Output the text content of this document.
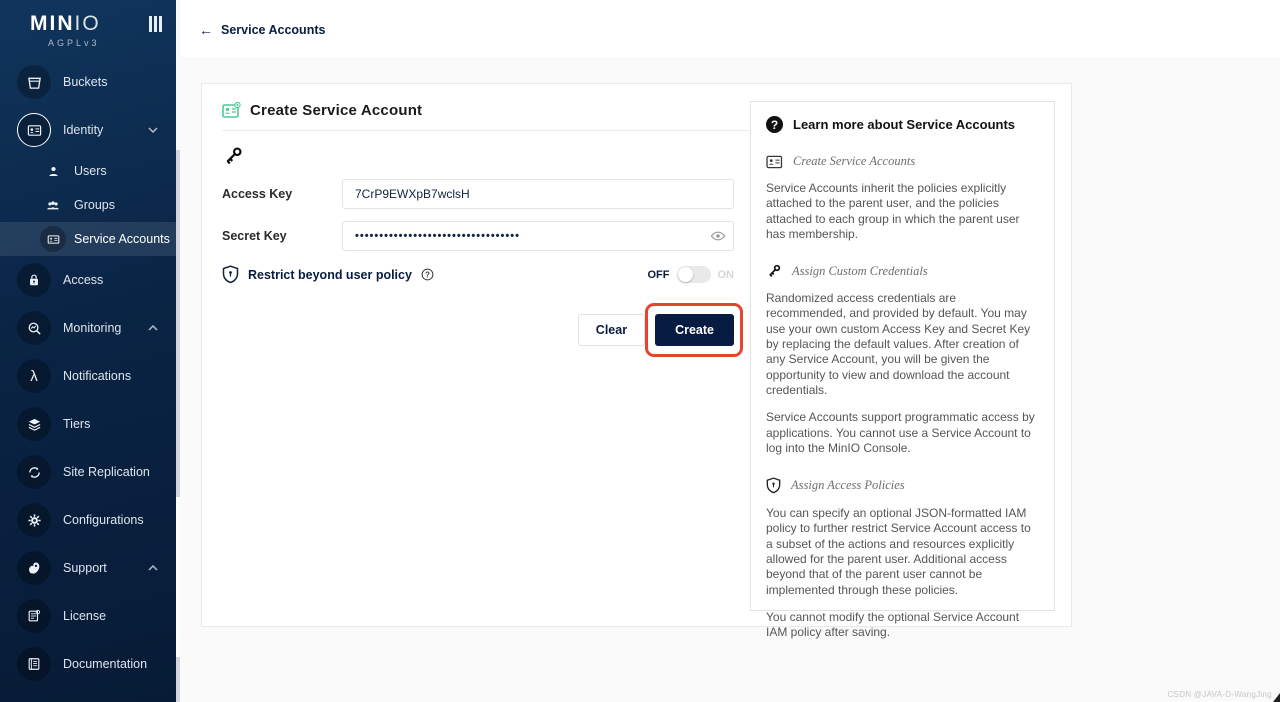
MINIO
AGPLv3
Buckets
Identity
Users
Groups
Service Accounts
Access
Monitoring
λ Notifications
Tiers
Site Replication
Configurations
Support
License
Documentation
← Service Accounts
Create Service Account
Access Key
7CrP9EWXpB7wclsH
Secret Key
••••••••••••••••••••••••••••••••••
Restrict beyond user policy ?	OFF	ON
Clear	Create
?	Learn more about Service Accounts
Create Service Accounts

Service Accounts inherit the policies explicitly attached to the parent user, and the policies attached to each group in which the parent user has membership.

Assign Custom Credentials

Randomized access credentials are recommended, and provided by default. You may use your own custom Access Key and Secret Key by replacing the default values. After creation of any Service Account, you will be given the opportunity to view and download the account credentials.

Service Accounts support programmatic access by applications. You cannot use a Service Account to log into the MinIO Console.

Assign Access Policies

You can specify an optional JSON-formatted IAM policy to further restrict Service Account access to a subset of the actions and resources explicitly allowed for the parent user. Additional access beyond that of the parent user cannot be implemented through these policies.

You cannot modify the optional Service Account IAM policy after saving.

CSDN @JAVA-D-WangJing
